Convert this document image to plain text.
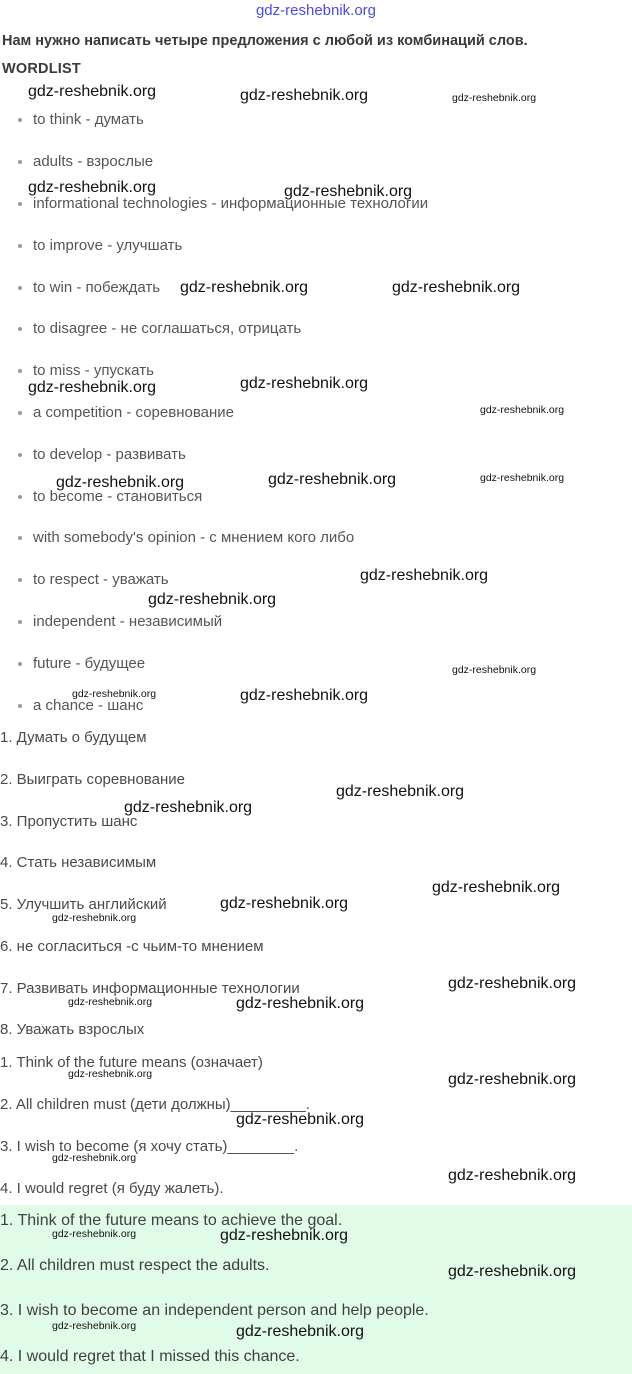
gdz-reshebnik.org
Нам нужно написать четыре предложения с любой из комбинаций слов.
WORDLIST
to think - думать
adults - взрослые
informational technologies - информационные технологии
to improve - улучшать
to win - побеждать
to disagree - не соглашаться, отрицать
to miss - упускать
a competition - соревнование
to develop - развивать
to become - становиться
with somebody's opinion - с мнением кого либо
to respect - уважать
independent - независимый
future - будущее
a chance - шанс
1. Думать о будущем
2. Выиграть соревнование
3. Пропустить шанс
4. Стать независимым
5. Улучшить английский
6. не согласиться -с чьим-то мнением
7. Развивать информационные технологии
8. Уважать взрослых
1. Think of the future means (означает)
2. All children must (дети должны)_________.
3. I wish to become (я хочу стать)________.
4. I would regret (я буду жалеть).
1. Think of the future means to achieve the goal.
2. All children must respect the adults.
3. I wish to become an independent person and help people.
4. I would regret that I missed this chance.
gdz-reshebnik.org	gdz-reshebnik.org	gdz-reshebnik.org
gdz-reshebnik.org	gdz-reshebnik.org
gdz-reshebnik.org	gdz-reshebnik.org
gdz-reshebnik.org	gdz-reshebnik.org
gdz-reshebnik.org
gdz-reshebnik.org	gdz-reshebnik.org	gdz-reshebnik.org
gdz-reshebnik.org
gdz-reshebnik.org
gdz-reshebnik.org
gdz-reshebnik.org	gdz-reshebnik.org
gdz-reshebnik.org
gdz-reshebnik.org
gdz-reshebnik.org
gdz-reshebnik.org
gdz-reshebnik.org
gdz-reshebnik.org
gdz-reshebnik.org	gdz-reshebnik.org
gdz-reshebnik.org	gdz-reshebnik.org
gdz-reshebnik.org
gdz-reshebnik.org
gdz-reshebnik.org
gdz-reshebnik.org	gdz-reshebnik.org
gdz-reshebnik.org
gdz-reshebnik.org	gdz-reshebnik.org
